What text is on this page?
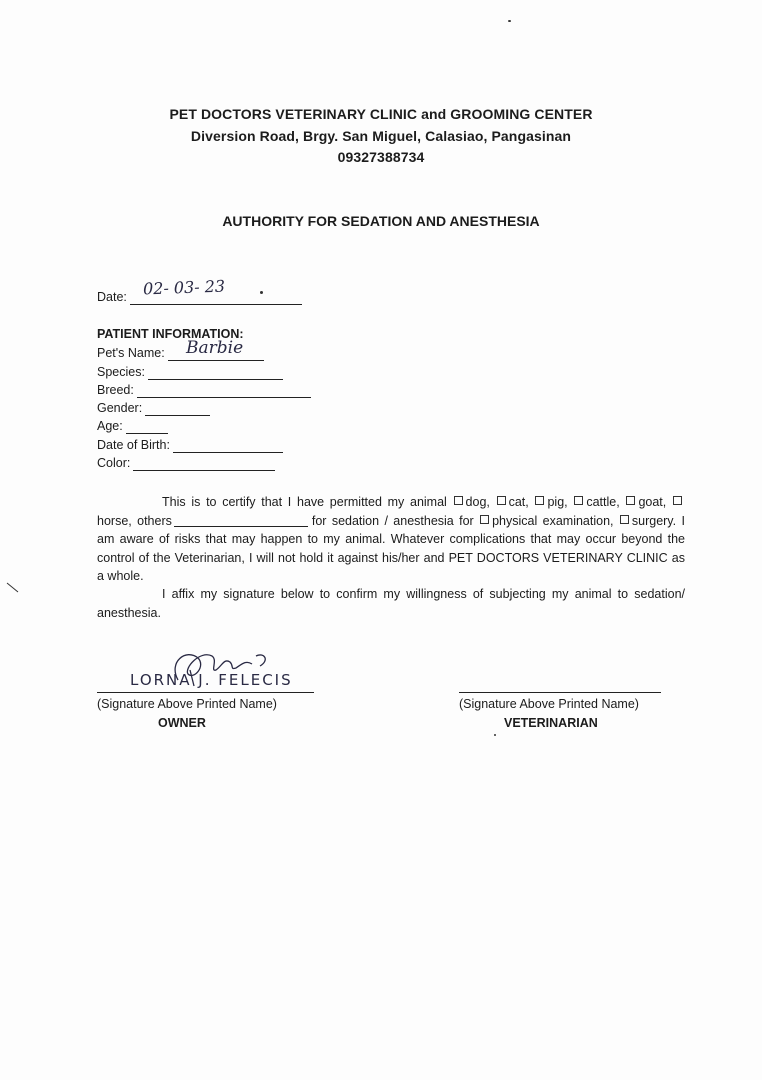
PET DOCTORS VETERINARY CLINIC and GROOMING CENTER
Diversion Road, Brgy. San Miguel, Calasiao, Pangasinan
09327388734
AUTHORITY FOR SEDATION AND ANESTHESIA
Date: 02- 03- 23
PATIENT INFORMATION:
Pet's Name:	Barbie
Species:
Breed:
Gender:
Age:
Date of Birth:
Color:
This is to certify that I have permitted my animal dog, cat, pig, cattle, goat, horse, others	for sedation / anesthesia for physical examination, surgery. I am aware of risks that may happen to my animal. Whatever complications that may occur beyond the control of the Veterinarian, I will not hold it against his/her and PET DOCTORS VETERINARY CLINIC as a whole.
I affix my signature below to confirm my willingness of subjecting my animal to sedation/ anesthesia.
LORNA J. FELECIS
(Signature Above Printed Name)
OWNER
(Signature Above Printed Name)
VETERINARIAN
